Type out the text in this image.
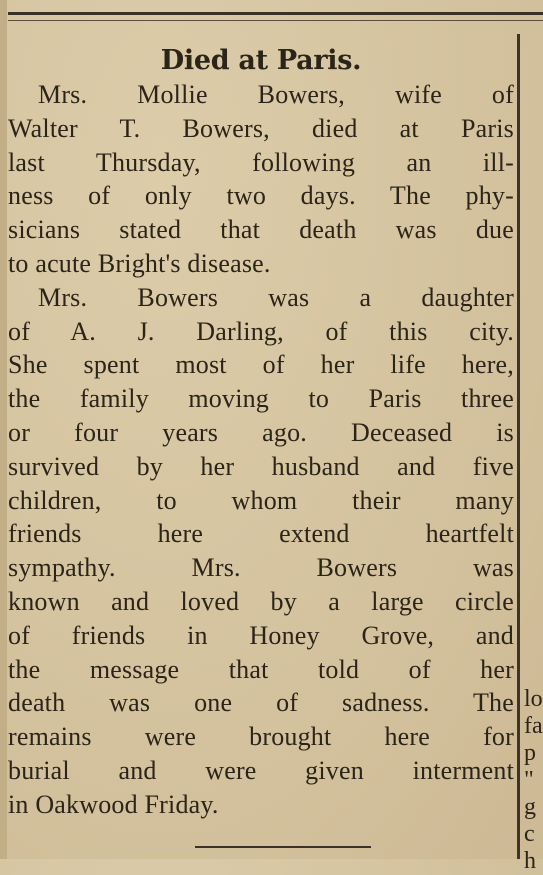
Died at Paris.
Mrs. Mollie Bowers, wife of
Walter T. Bowers, died at Paris
last Thursday, following an ill-
ness of only two days. The phy-
sicians stated that death was due
to acute Bright's disease.
Mrs. Bowers was a daughter
of A. J. Darling, of this city.
She spent most of her life here,
the family moving to Paris three
or four years ago. Deceased is
survived by her husband and five
children, to whom their many
friends here extend heartfelt
sympathy. Mrs. Bowers was
known and loved by a large circle
of friends in Honey Grove, and
the message that told of her
death was one of sadness. The
remains were brought here for
burial and were given interment
in Oakwood Friday.
lo
fa
p
"
g
c
h
